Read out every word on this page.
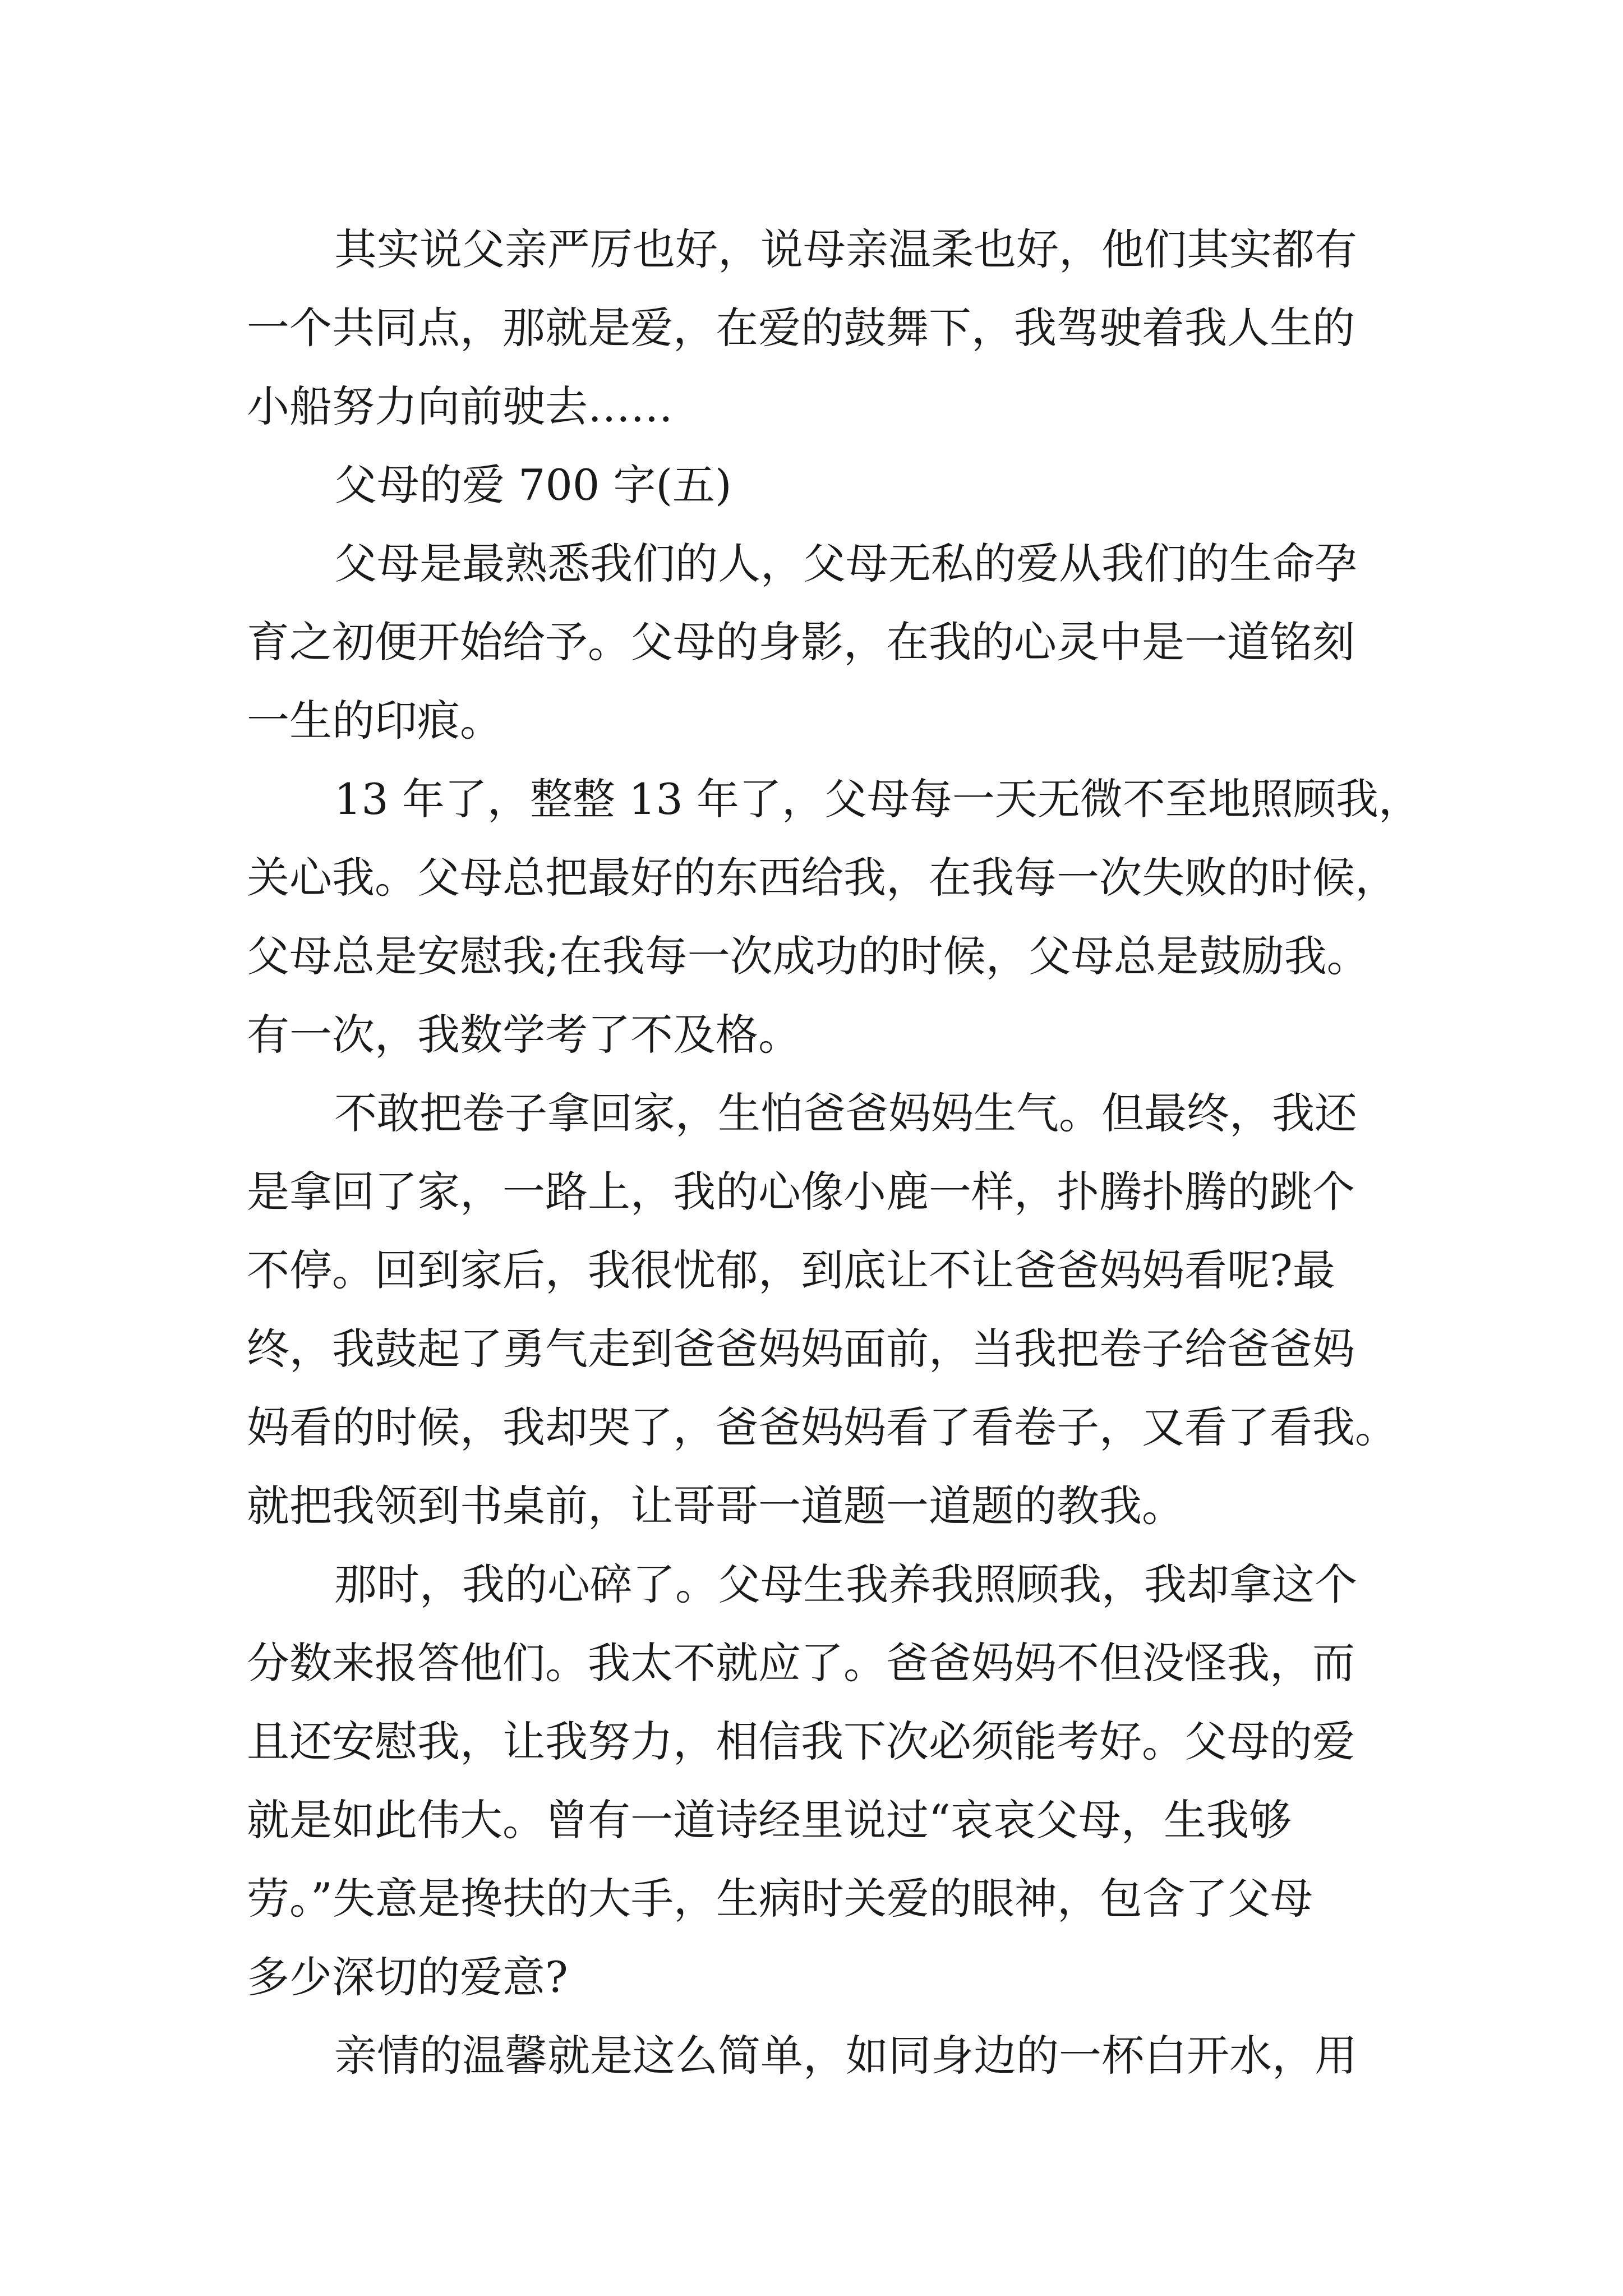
其实说父亲严厉也好，说母亲温柔也好，他们其实都有
一个共同点，那就是爱，在爱的鼓舞下，我驾驶着我人生的
小船努力向前驶去……

父母的爱 700 字(五)

父母是最熟悉我们的人，父母无私的爱从我们的生命孕
育之初便开始给予。父母的身影，在我的心灵中是一道铭刻
一生的印痕。

13 年了，整整 13 年了，父母每一天无微不至地照顾我，
关心我。父母总把最好的东西给我，在我每一次失败的时候，
父母总是安慰我;在我每一次成功的时候，父母总是鼓励我。
有一次，我数学考了不及格。

不敢把卷子拿回家，生怕爸爸妈妈生气。但最终，我还
是拿回了家，一路上，我的心像小鹿一样，扑腾扑腾的跳个
不停。回到家后，我很忧郁，到底让不让爸爸妈妈看呢?最
终，我鼓起了勇气走到爸爸妈妈面前，当我把卷子给爸爸妈
妈看的时候，我却哭了，爸爸妈妈看了看卷子，又看了看我。
就把我领到书桌前，让哥哥一道题一道题的教我。

那时，我的心碎了。父母生我养我照顾我，我却拿这个
分数来报答他们。我太不就应了。爸爸妈妈不但没怪我，而
且还安慰我，让我努力，相信我下次必须能考好。父母的爱
就是如此伟大。曾有一道诗经里说过“哀哀父母，生我够
劳。”失意是搀扶的大手，生病时关爱的眼神，包含了父母
多少深切的爱意?

亲情的温馨就是这么简单，如同身边的一杯白开水，用
